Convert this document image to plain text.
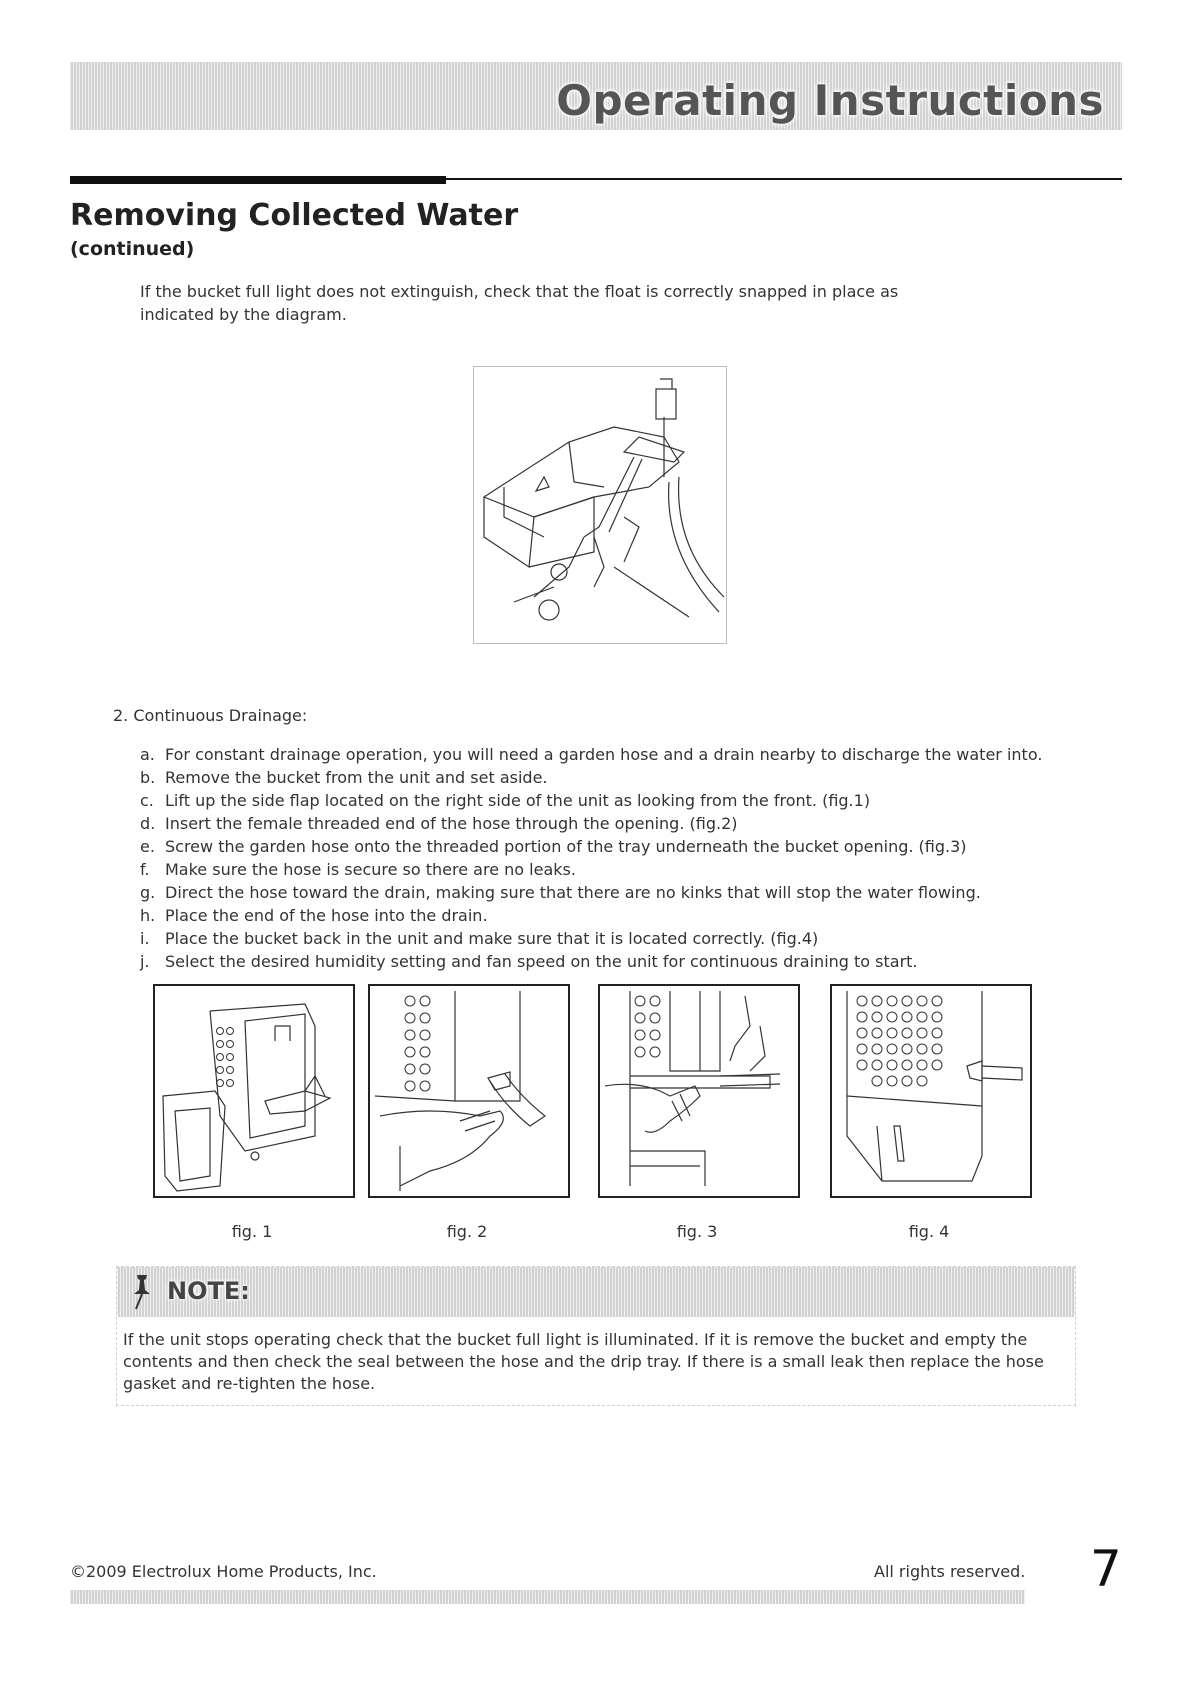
Operating Instructions
Removing Collected Water
(continued)

If the bucket full light does not extinguish, check that the float is correctly snapped in place as indicated by the diagram.

2. Continuous Drainage:
a. For constant drainage operation, you will need a garden hose and a drain nearby to discharge the water into.
b. Remove the bucket from the unit and set aside.
c. Lift up the side flap located on the right side of the unit as looking from the front. (fig.1)
d. Insert the female threaded end of the hose through the opening. (fig.2)
e. Screw the garden hose onto the threaded portion of the tray underneath the bucket opening. (fig.3)
f. Make sure the hose is secure so there are no leaks.
g. Direct the hose toward the drain, making sure that there are no kinks that will stop the water flowing.
h. Place the end of the hose into the drain.
i. Place the bucket back in the unit and make sure that it is located correctly. (fig.4)
j. Select the desired humidity setting and fan speed on the unit for continuous draining to start.
fig. 1	fig. 2	fig. 3	fig. 4
NOTE:

If the unit stops operating check that the bucket full light is illuminated. If it is remove the bucket and empty the contents and then check the seal between the hose and the drip tray. If there is a small leak then replace the hose gasket and re-tighten the hose.

©2009 Electrolux Home Products, Inc.	All rights reserved. 7
